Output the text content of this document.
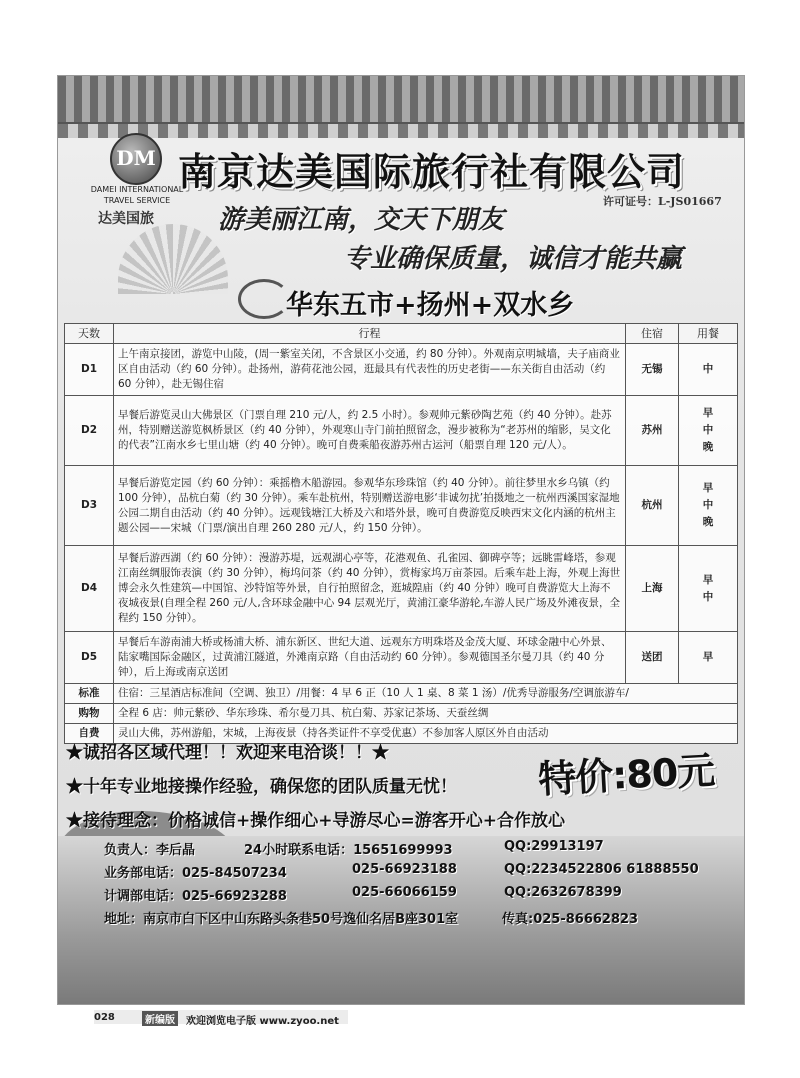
DM
DAMEI INTERNATIONAL TRAVEL SERVICE
达美国旅
南京达美国际旅行社有限公司
许可证号：L-JS01667
游美丽江南，交天下朋友
专业确保质量，诚信才能共赢
华东五市+扬州+双水乡
天数	行程	住宿	用餐
D1	上午南京接团，游览中山陵，(周一紫室关闭，不含景区小交通，约 80 分钟）。外观南京明城墙，夫子庙商业区自由活动（约 60 分钟）。赴扬州，游荷花池公园，逛最具有代表性的历史老街——东关街自由活动（约 60 分钟），赴无锡住宿	无锡	中
D2	早餐后游览灵山大佛景区（门票自理 210 元/人，约 2.5 小时）。参观帅元紫砂陶艺苑（约 40 分钟）。赴苏州，特别赠送游览枫桥景区（约 40 分钟），外观寒山寺门前拍照留念，漫步被称为“老苏州的缩影，吴文化的代表”江南水乡七里山塘（约 40 分钟）。晚可自费乘船夜游苏州古运河（船票自理 120 元/人）。	苏州	早
中
晚
D3	早餐后游览定园（约 60 分钟）：乘摇橹木船游园。参观华东珍珠馆（约 40 分钟）。前往梦里水乡乌镇（约 100 分钟），品杭白菊（约 30 分钟）。乘车赴杭州，特别赠送游电影‘非诚勿扰’拍摄地之一杭州西溪国家湿地公园二期自由活动（约 40 分钟）。远观钱塘江大桥及六和塔外景，晚可自费游览反映西宋文化内涵的杭州主题公园——宋城（门票/演出自理 260 280 元/人，约 150 分钟）。	杭州	早
中
晚
D4	早餐后游西湖（约 60 分钟）：漫游苏堤，远观湖心亭等，花港观鱼、孔雀园、御碑亭等；远眺雷峰塔，参观江南丝绸服饰表演（约 30 分钟），梅坞问茶（约 40 分钟），赏梅家坞万亩茶园。后乘车赴上海，外观上海世博会永久性建筑—中国馆、沙特馆等外景，自行拍照留念，逛城隍庙（约 40 分钟）晚可自费游览大上海不夜城夜景(自理全程 260 元/人,含环球金融中心 94 层观光厅，黄浦江豪华游轮,车游人民广场及外滩夜景，全程约 150 分钟）。	上海	早
中
D5	早餐后车游南浦大桥或杨浦大桥、浦东新区、世纪大道、远观东方明珠塔及金茂大厦、环球金融中心外景、陆家嘴国际金融区，过黄浦江隧道，外滩南京路（自由活动约 60 分钟）。参观德国圣尔曼刀具（约 40 分钟），后上海或南京送团	送团	早
标准	住宿：三星酒店标准间（空调、独卫）/用餐：4 早 6 正（10 人 1 桌、8 菜 1 汤）/优秀导游服务/空调旅游车/		
购物	全程 6 店：帅元紫砂、华东珍珠、希尔曼刀具、杭白菊、苏家记茶场、天蚕丝绸		
自费	灵山大佛，苏州游船，宋城，上海夜景（持各类证件不享受优惠）不参加客人原区外自由活动		
★诚招各区域代理！！欢迎来电洽谈！！★
★十年专业地接操作经验，确保您的团队质量无忧！
★接待理念：价格诚信+操作细心+导游尽心=游客开心+合作放心
特价:80元
负责人：李后晶	24小时联系电话：15651699993	QQ:29913197
业务部电话：025-84507234	025-66923188	QQ:2234522806 61888550
计调部电话：025-66923288	025-66066159	QQ:2632678399
地址：南京市白下区中山东路头条巷50号逸仙名居B座301室	传真:025-86662823
028	新编版	欢迎浏览电子版 www.zyoo.net
